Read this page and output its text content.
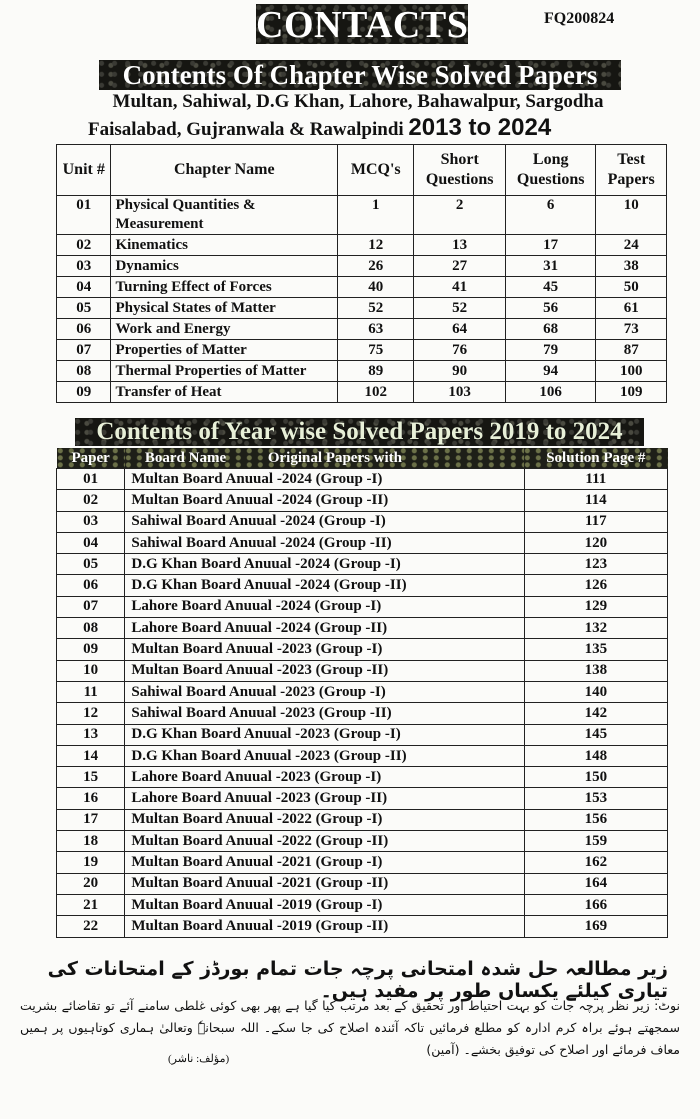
CONTACTS	FQ200824
Contents Of Chapter Wise Solved Papers
Multan, Sahiwal, D.G Khan, Lahore, Bahawalpur, Sargodha
Faisalabad, Gujranwala & Rawalpindi 2013 to 2024
Unit #	Chapter Name	MCQ's	Short Questions	Long Questions	Test Papers
01	Physical Quantities & Measurement	1	2	6	10
02	Kinematics	12	13	17	24
03	Dynamics	26	27	31	38
04	Turning Effect of Forces	40	41	45	50
05	Physical States of Matter	52	52	56	61
06	Work and Energy	63	64	68	73
07	Properties of Matter	75	76	79	87
08	Thermal Properties of Matter	89	90	94	100
09	Transfer of Heat	102	103	106	109
Contents of Year wise Solved Papers 2019 to 2024
Paper	Board Name Original Papers with	Solution Page #
01	Multan Board Anuual -2024 (Group -I)	111
02	Multan Board Anuual -2024 (Group -II)	114
03	Sahiwal Board Anuual -2024 (Group -I)	117
04	Sahiwal Board Anuual -2024 (Group -II)	120
05	D.G Khan Board Anuual -2024 (Group -I)	123
06	D.G Khan Board Anuual -2024 (Group -II)	126
07	Lahore Board Anuual -2024 (Group -I)	129
08	Lahore Board Anuual -2024 (Group -II)	132
09	Multan Board Anuual -2023 (Group -I)	135
10	Multan Board Anuual -2023 (Group -II)	138
11	Sahiwal Board Anuual -2023 (Group -I)	140
12	Sahiwal Board Anuual -2023 (Group -II)	142
13	D.G Khan Board Anuual -2023 (Group -I)	145
14	D.G Khan Board Anuual -2023 (Group -II)	148
15	Lahore Board Anuual -2023 (Group -I)	150
16	Lahore Board Anuual -2023 (Group -II)	153
17	Multan Board Anuual -2022 (Group -I)	156
18	Multan Board Anuual -2022 (Group -II)	159
19	Multan Board Anuual -2021 (Group -I)	162
20	Multan Board Anuual -2021 (Group -II)	164
21	Multan Board Anuual -2019 (Group -I)	166
22	Multan Board Anuual -2019 (Group -II)	169
زیر مطالعہ حل شدہ امتحانی پرچہ جات تمام بورڈز کے امتحانات کی تیاری کیلئے یکساں طور پر مفید ہیں۔
نوٹ: زیر نظر پرچہ جات کو بہت احتیاط اور تحقیق کے بعد مرتب کیا گیا ہے پھر بھی کوئی غلطی سامنے آئے تو تقاضائے بشریت سمجھتے ہوئے براہ کرم ادارہ کو مطلع فرمائیں تاکہ آئندہ اصلاح کی جا سکے۔ اللہ سبحانہٗ وتعالیٰ ہماری کوتاہیوں پر ہمیں معاف فرمائے اور اصلاح کی توفیق بخشے۔ (آمین)
(مؤلف: ناشر)
